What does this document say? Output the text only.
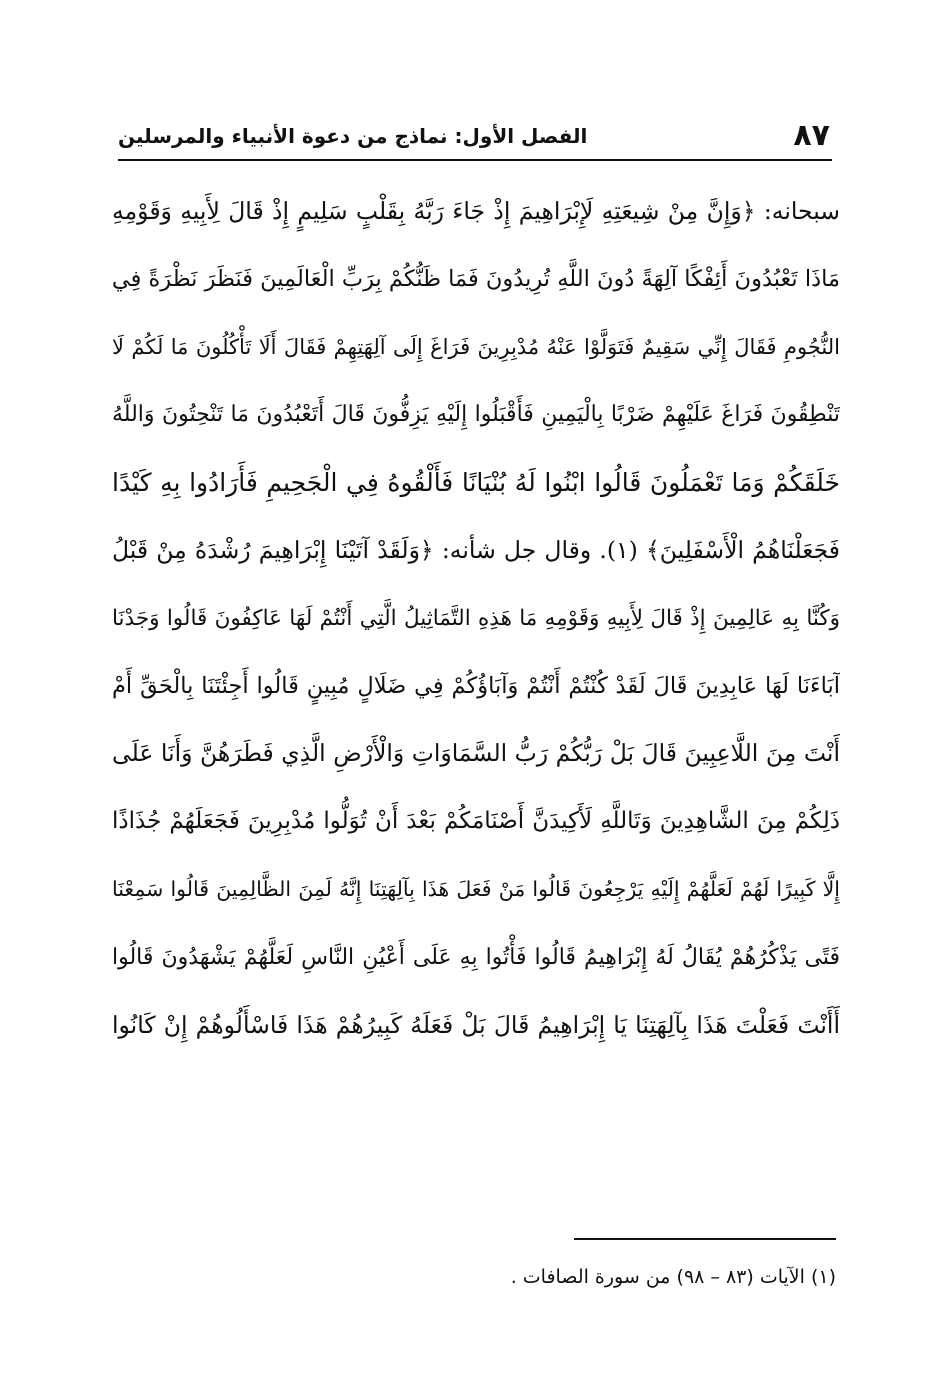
٨٧
الفصل الأول: نماذج من دعوة الأنبياء والمرسلين
سبحانه: ﴿وَإِنَّ مِنْ شِيعَتِهِ لَإِبْرَاهِيمَ إِذْ جَاءَ رَبَّهُ بِقَلْبٍ سَلِيمٍ إِذْ قَالَ لِأَبِيهِ وَقَوْمِهِ
مَاذَا تَعْبُدُونَ أَئِفْكًا آلِهَةً دُونَ اللَّهِ تُرِيدُونَ فَمَا ظَنُّكُمْ بِرَبِّ الْعَالَمِينَ فَنَظَرَ نَظْرَةً فِي
النُّجُومِ فَقَالَ إِنِّي سَقِيمٌ فَتَوَلَّوْا عَنْهُ مُدْبِرِينَ فَرَاغَ إِلَى آلِهَتِهِمْ فَقَالَ أَلَا تَأْكُلُونَ مَا لَكُمْ لَا
تَنْطِقُونَ فَرَاغَ عَلَيْهِمْ ضَرْبًا بِالْيَمِينِ فَأَقْبَلُوا إِلَيْهِ يَزِفُّونَ قَالَ أَتَعْبُدُونَ مَا تَنْحِتُونَ وَاللَّهُ
خَلَقَكُمْ وَمَا تَعْمَلُونَ قَالُوا ابْنُوا لَهُ بُنْيَانًا فَأَلْقُوهُ فِي الْجَحِيمِ فَأَرَادُوا بِهِ كَيْدًا
فَجَعَلْنَاهُمُ الْأَسْفَلِينَ﴾ (١). وقال جل شأنه: ﴿وَلَقَدْ آتَيْنَا إِبْرَاهِيمَ رُشْدَهُ مِنْ قَبْلُ
وَكُنَّا بِهِ عَالِمِينَ إِذْ قَالَ لِأَبِيهِ وَقَوْمِهِ مَا هَذِهِ التَّمَاثِيلُ الَّتِي أَنْتُمْ لَهَا عَاكِفُونَ قَالُوا وَجَدْنَا
آبَاءَنَا لَهَا عَابِدِينَ قَالَ لَقَدْ كُنْتُمْ أَنْتُمْ وَآبَاؤُكُمْ فِي ضَلَالٍ مُبِينٍ قَالُوا أَجِئْتَنَا بِالْحَقِّ أَمْ
أَنْتَ مِنَ اللَّاعِبِينَ قَالَ بَلْ رَبُّكُمْ رَبُّ السَّمَاوَاتِ وَالْأَرْضِ الَّذِي فَطَرَهُنَّ وَأَنَا عَلَى
ذَلِكُمْ مِنَ الشَّاهِدِينَ وَتَاللَّهِ لَأَكِيدَنَّ أَصْنَامَكُمْ بَعْدَ أَنْ تُوَلُّوا مُدْبِرِينَ فَجَعَلَهُمْ جُذَاذًا
إِلَّا كَبِيرًا لَهُمْ لَعَلَّهُمْ إِلَيْهِ يَرْجِعُونَ قَالُوا مَنْ فَعَلَ هَذَا بِآلِهَتِنَا إِنَّهُ لَمِنَ الظَّالِمِينَ قَالُوا سَمِعْنَا
فَتًى يَذْكُرُهُمْ يُقَالُ لَهُ إِبْرَاهِيمُ قَالُوا فَأْتُوا بِهِ عَلَى أَعْيُنِ النَّاسِ لَعَلَّهُمْ يَشْهَدُونَ قَالُوا
أَأَنْتَ فَعَلْتَ هَذَا بِآلِهَتِنَا يَا إِبْرَاهِيمُ قَالَ بَلْ فَعَلَهُ كَبِيرُهُمْ هَذَا فَاسْأَلُوهُمْ إِنْ كَانُوا
(١) الآيات (٨٣ – ٩٨) من سورة الصافات .
